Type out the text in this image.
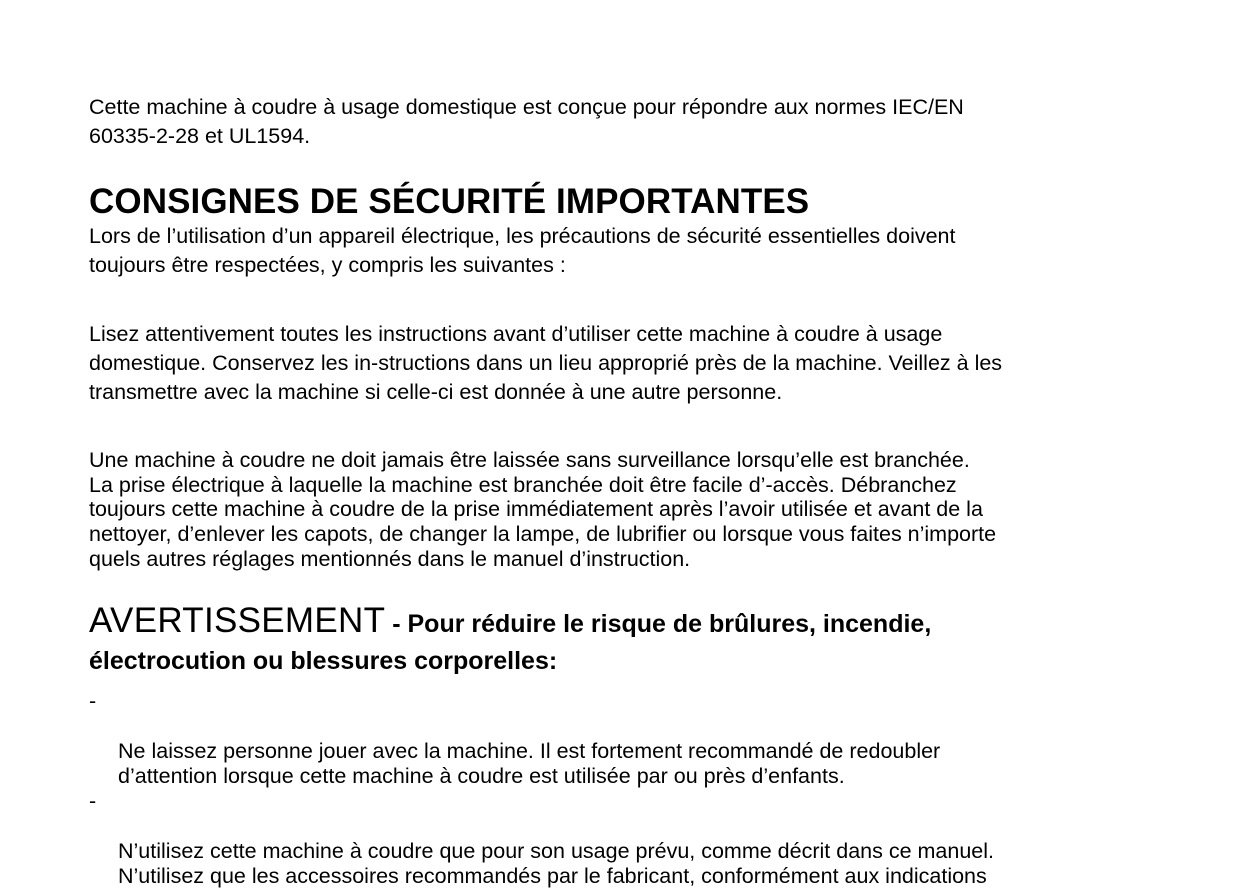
Cette machine à coudre à usage domestique est conçue pour répondre aux normes IEC/EN
60335-2-28 et UL1594.

CONSIGNES DE SÉCURITÉ IMPORTANTES

Lors de l’utilisation d’un appareil électrique, les précautions de sécurité essentielles doivent
toujours être respectées, y compris les suivantes :

Lisez attentivement toutes les instructions avant d’utiliser cette machine à coudre à usage
domestique. Conservez les in-structions dans un lieu approprié près de la machine. Veillez à les
transmettre avec la machine si celle-ci est donnée à une autre personne.

Une machine à coudre ne doit jamais être laissée sans surveillance lorsqu’elle est branchée.
La prise électrique à laquelle la machine est branchée doit être facile d’-accès. Débranchez
toujours cette machine à coudre de la prise immédiatement après l’avoir utilisée et avant de la
nettoyer, d’enlever les capots, de changer la lampe, de lubrifier ou lorsque vous faites n’importe
quels autres réglages mentionnés dans le manuel d’instruction.

AVERTISSEMENT - Pour réduire le risque de brûlures, incendie,

électrocution ou blessures corporelles:

-

Ne laissez personne jouer avec la machine. Il est fortement recommandé de redoubler
d’attention lorsque cette machine à coudre est utilisée par ou près d’enfants.

-

N’utilisez cette machine à coudre que pour son usage prévu, comme décrit dans ce manuel.
N’utilisez que les accessoires recommandés par le fabricant, conformément aux indications
